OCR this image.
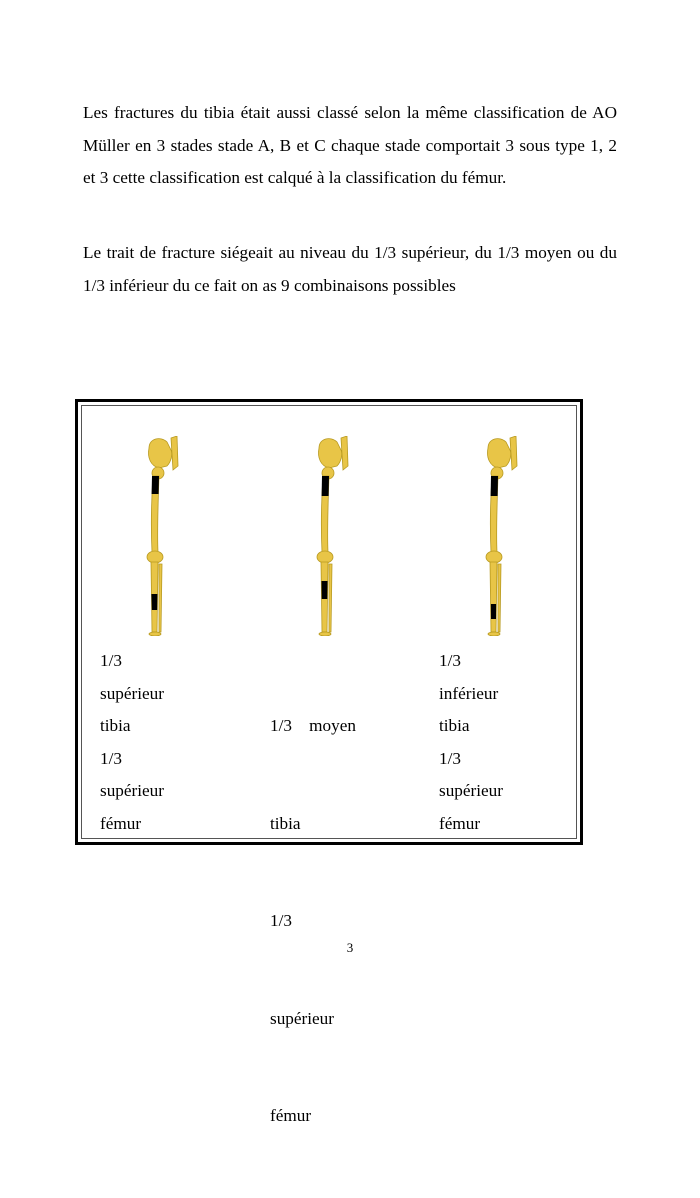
Les fractures du tibia était aussi classé selon la même classification de AO Müller en 3 stades stade A, B et C chaque stade comportait 3 sous type 1, 2 et 3 cette classification est calqué à la classification du fémur.

Le trait de fracture siégeait au niveau du 1/3 supérieur, du 1/3 moyen ou du 1/3 inférieur du ce fait on as 9 combinaisons possibles

1/3
supérieur
tibia
1/3
supérieur
fémur

1/3    moyen

tibia

1/3

supérieur

fémur

1/3
inférieur
tibia
1/3
supérieur
fémur
3
